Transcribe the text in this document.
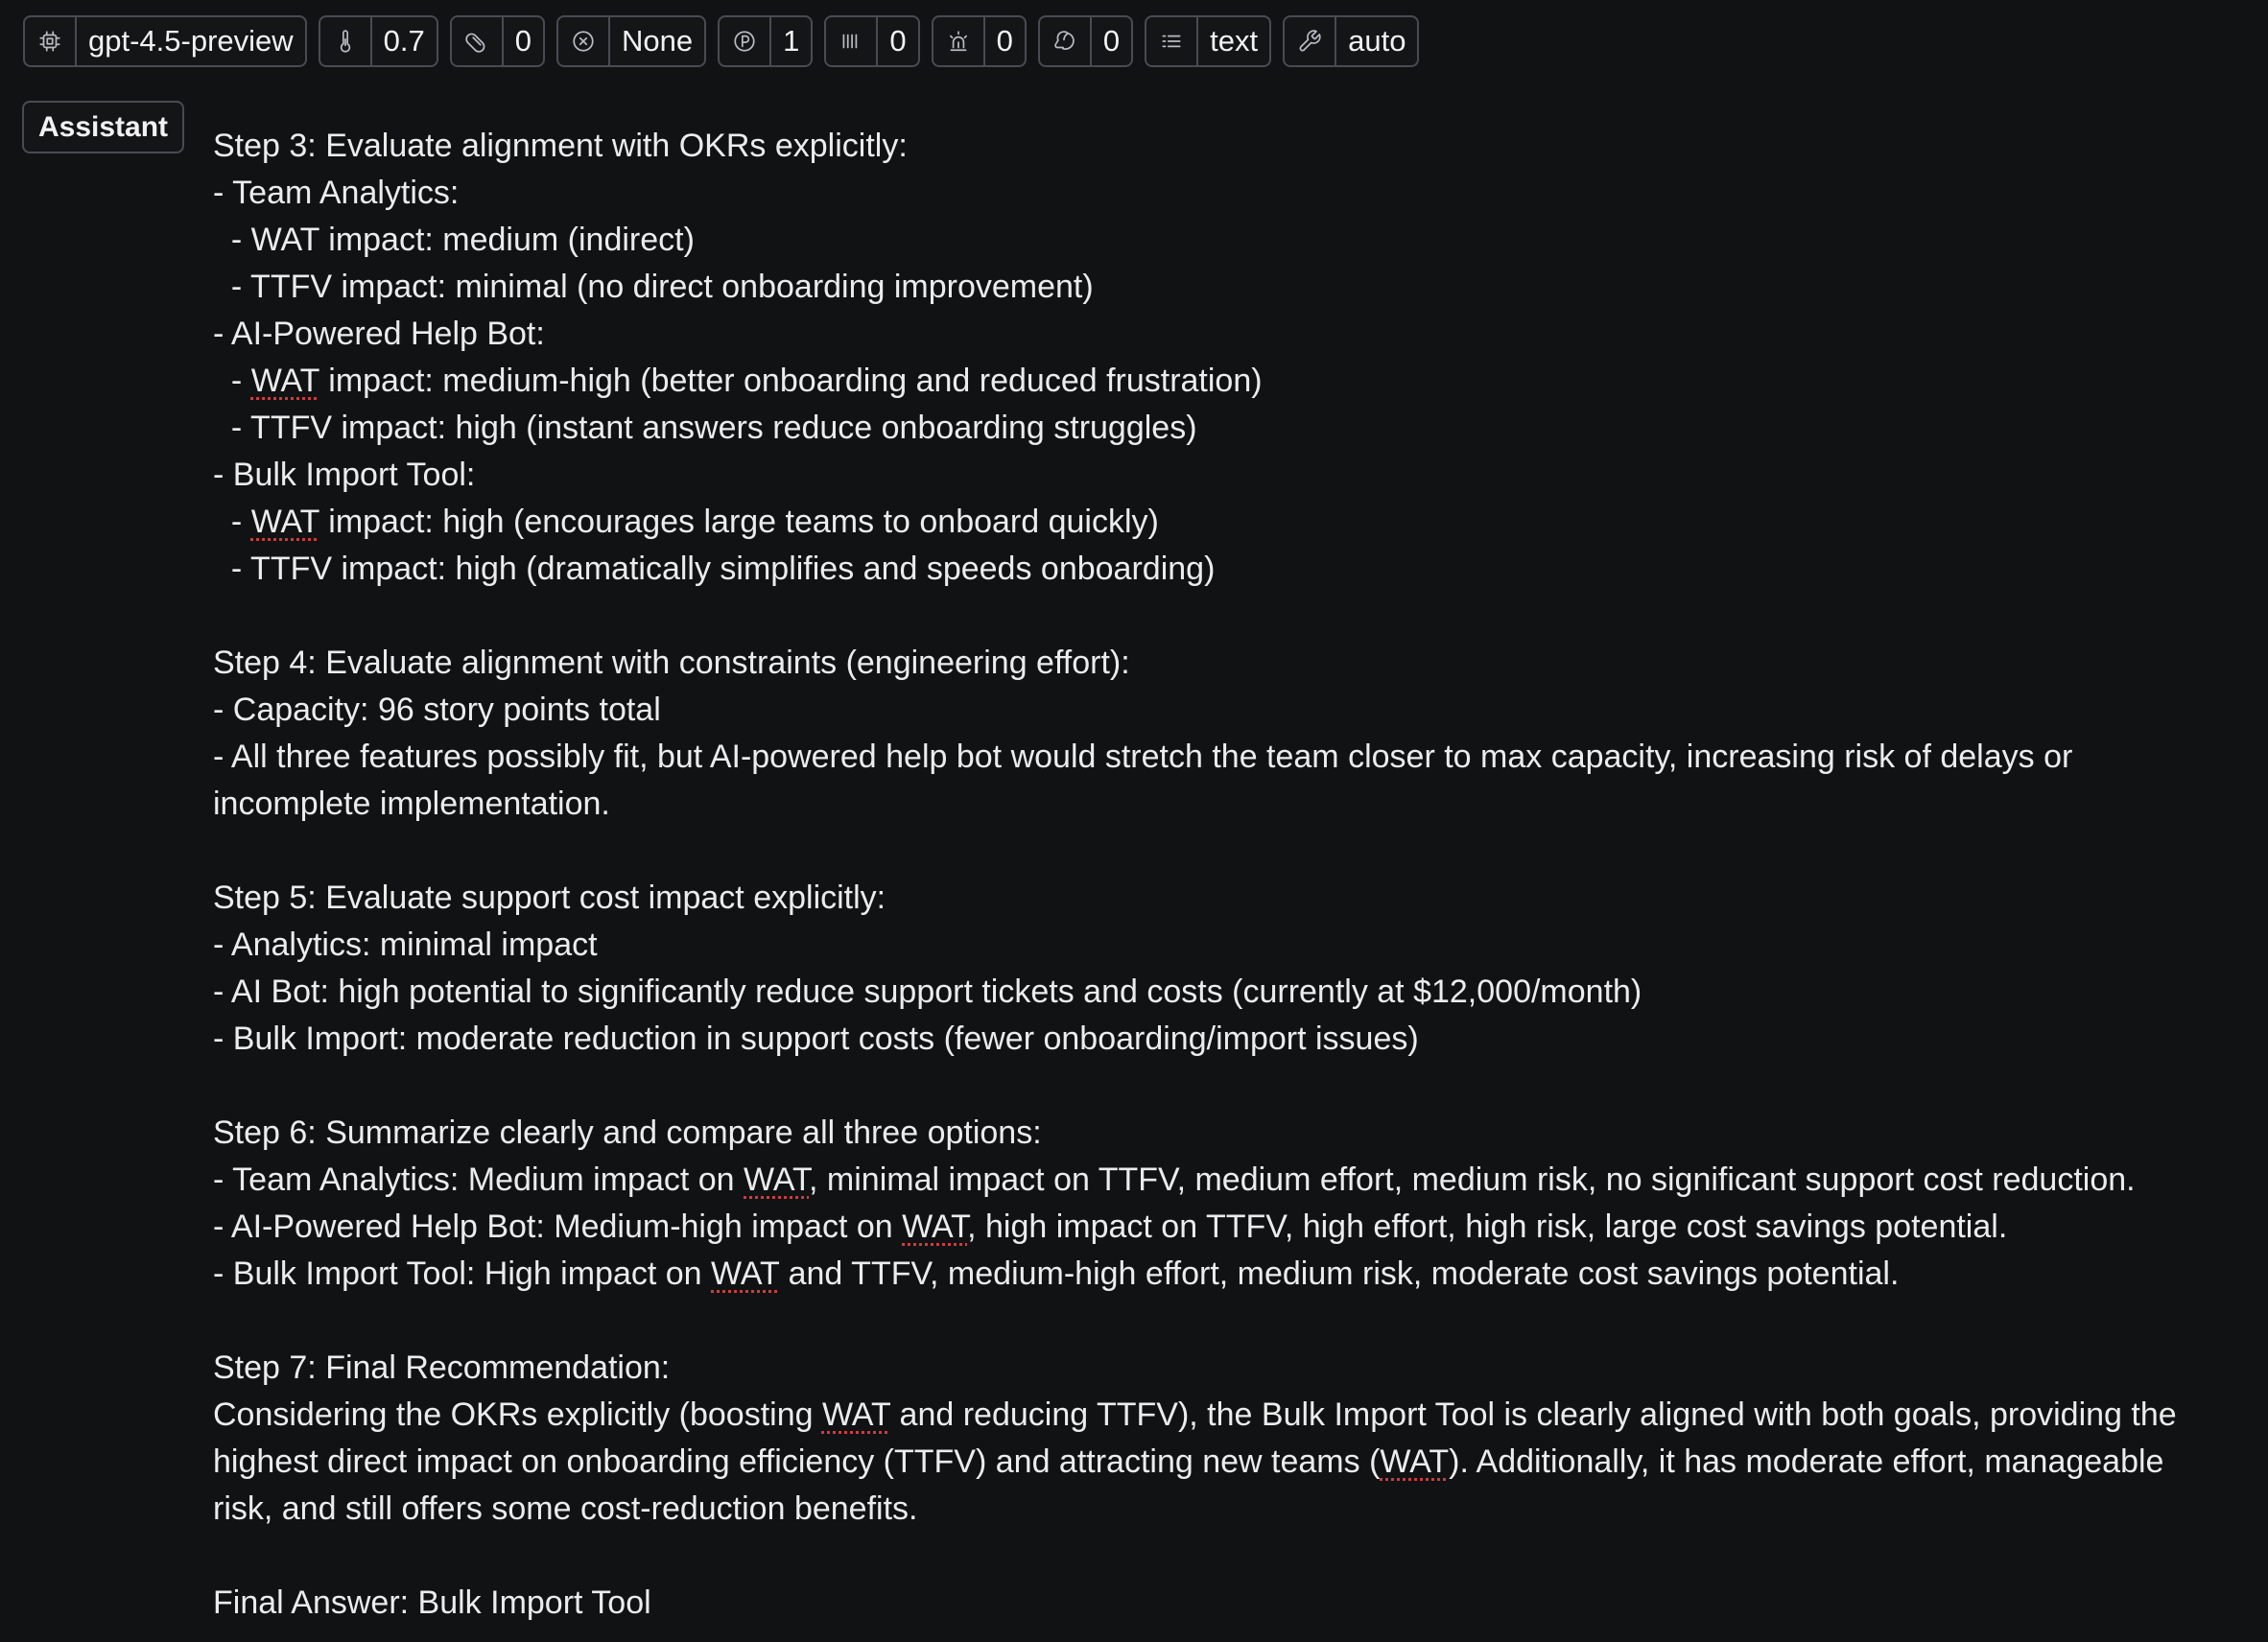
gpt-4.5-preview	0.7	0	None	1	0	0	0	text	auto
Assistant
Step 3: Evaluate alignment with OKRs explicitly:
- Team Analytics:
- WAT impact: medium (indirect)
- TTFV impact: minimal (no direct onboarding improvement)
- AI-Powered Help Bot:
- WAT impact: medium-high (better onboarding and reduced frustration)
- TTFV impact: high (instant answers reduce onboarding struggles)
- Bulk Import Tool:
- WAT impact: high (encourages large teams to onboard quickly)
- TTFV impact: high (dramatically simplifies and speeds onboarding)
Step 4: Evaluate alignment with constraints (engineering effort):
- Capacity: 96 story points total
- All three features possibly fit, but AI-powered help bot would stretch the team closer to max capacity, increasing risk of delays or
incomplete implementation.
Step 5: Evaluate support cost impact explicitly:
- Analytics: minimal impact
- AI Bot: high potential to significantly reduce support tickets and costs (currently at $12,000/month)
- Bulk Import: moderate reduction in support costs (fewer onboarding/import issues)
Step 6: Summarize clearly and compare all three options:
- Team Analytics: Medium impact on WAT, minimal impact on TTFV, medium effort, medium risk, no significant support cost reduction.
- AI-Powered Help Bot: Medium-high impact on WAT, high impact on TTFV, high effort, high risk, large cost savings potential.
- Bulk Import Tool: High impact on WAT and TTFV, medium-high effort, medium risk, moderate cost savings potential.
Step 7: Final Recommendation:
Considering the OKRs explicitly (boosting WAT and reducing TTFV), the Bulk Import Tool is clearly aligned with both goals, providing the
highest direct impact on onboarding efficiency (TTFV) and attracting new teams (WAT). Additionally, it has moderate effort, manageable
risk, and still offers some cost-reduction benefits.
Final Answer: Bulk Import Tool
